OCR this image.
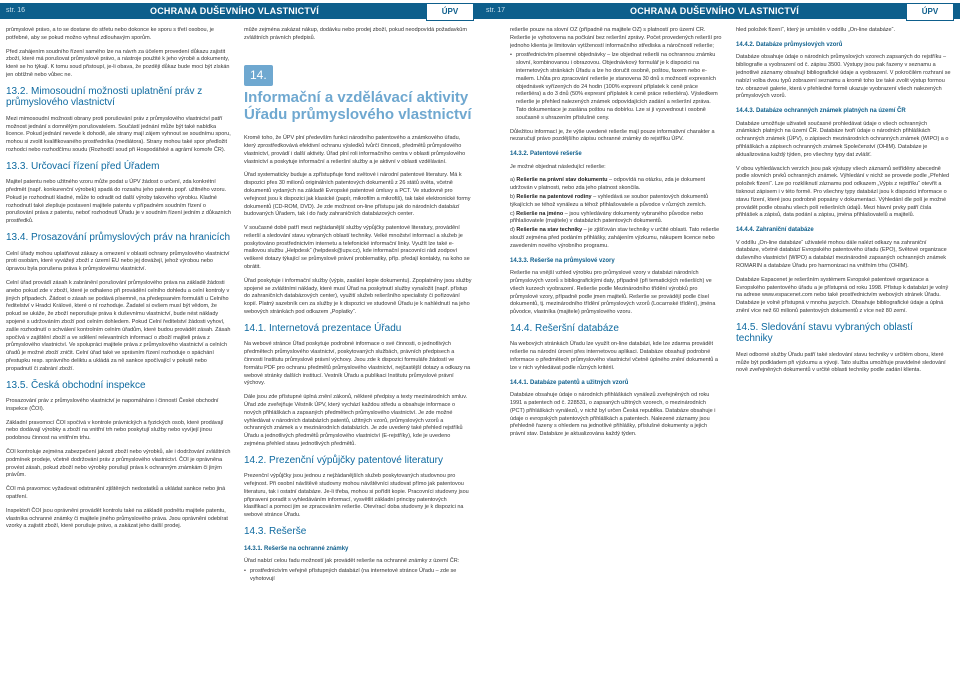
str. 16	OCHRANA DUŠEVNÍHO VLASTNICTVÍ	ÚPV

průmyslové právo, a to se dostane do střetu nebo dokonce ke sporu s třetí osobou, je potřebné, aby se pokud možno vyhnul zdlouhavým sporům.

Před zahájením soudního řízení samého lze na návrh za účelem provedení důkazu zajistit zboží, které má porušovat průmyslové právo, a nástroje použité k jeho výrobě a dokumenty, které se ho týkají. K tomu soud přistoupí, je-li obava, že později důkaz bude moci být získán jen obtížně nebo vůbec ne.

13.2. Mimosoudní možnosti uplatnění práv z průmyslového vlastnictví

Mezi mimosoudní možnosti obrany proti porušování práv z průmyslového vlastnictví patří možnost jednání s domnělým porušovatelem. Součástí jednání může být také nabídka licence. Pokud jednání nevede k dohodě, ale strany mají zájem vyhnout se soudnímu sporu, mohou si zvolit kvalifikovaného prostředníka (mediátora). Strany mohou také spor předložit rozhodci nebo rozhodčímu soudu (Rozhodčí soud při Hospodářské a agrární komoře ČR).

13.3. Určovací řízení před Úřadem

Majitel patentu nebo užitného vzoru může podat u ÚPV žádost o určení, zda konkrétní předmět (např. konkurenční výrobek) spadá do rozsahu jeho patentu popř. užitného vzoru. Pokud je rozhodnutí kladné, může to odradit od další výroby takového výrobku. Kladné rozhodnutí také zlepšuje postavení majitele patentu v případném soudním řízení o porušování práva z patentu, neboť rozhodnutí Úřadu je v soudním řízení jedním z důkazních prostředků.

13.4. Prosazování průmyslových práv na hranicích

Celní úřady mohou uplatňovat zákazy a omezení v oblasti ochrany průmyslového vlastnictví proti osobám, které vyvážejí zboží z území EU nebo jej dovážejí, jehož výrobou nebo úpravou byla porušena práva k průmyslovému vlastnictví.

Celní úřad provádí zásah k zabránění porušování průmyslového práva na základě žádosti anebo pokud zde v zboží, které je odhaleno při provádění celního dohledu a celní kontroly v jiných případech. Žádost o zásah se podává písemně, na předepsaném formuláři u Celního ředitelství v Hradci Králové, které o ní rozhoduje. Žadatel si ovšem musí být vědom, že pokud se ukáže, že zboží neporušuje práva k duševnímu vlastnictví, bude nést náklady spojené s udržováním zboží pod celním dohledem. Pokud Celní ředitelství žádosti vyhoví, zašle rozhodnutí o schválení kontrolním celním úřadům, které budou provádět zásah. Zásah spočívá v zajištění zboží a ve sdělení relevantních informací o zboží majiteli práva z průmyslového vlastnictví. Ve spolupráci majitele práva z průmyslového vlastnictví a celních úřadů je možné zboží zničit. Celní úřad také ve správním řízení rozhoduje o spáchání přestupku resp. správního deliktu a ukládá za ně sankce spočívající v pokutě nebo propadnutí či zabrání zboží.

13.5. Česká obchodní inspekce

Prosazování práv z průmyslového vlastnictví je napomáháno i činností České obchodní inspekce (ČOI).

Základní pravomocí ČOI spočívá v kontrole právnických a fyzických osob, které prodávají nebo dodávají výrobky a zboží na vnitřní trh nebo poskytují služby nebo vyvíjejí jinou podobnou činnost na vnitřním trhu.

ČOI kontroluje zejména zabezpečení jakosti zboží nebo výrobků, ale i dodržování zvláštních podmínek prodeje, včetně dodržování práv z průmyslového vlastnictví. ČOI je oprávněna provést zásah, pokud zboží nebo výrobky porušují práva k ochranným známkám či jiným právům.

ČOI má pravomoc vyžadovat odstranění zjištěných nedostatků a ukládat sankce nebo jiná opatření.

Inspektoři ČOI jsou oprávněni provádět kontrolu také na základě podnětu majitele patentu, vlastníka ochranné známky či majitele jiného průmyslového práva. Jsou oprávněni odebírat vzorky a zajistit zboží, které porušuje právo, a zakázat jeho další prodej.

může zejména zakázat nákup, dodávku nebo prodej zboží, pokud neodpovídá požadavkům zvláštních právních předpisů.

14.
Informační a vzdělávací aktivity Úřadu průmyslového vlastnictví

Kromě toho, že ÚPV plní především funkci národního patentového a známkového úřadu, který zprostředkovává efektivní ochranu výsledků tvůrčí činnosti, předmětů průmyslového vlastnictví, provádí i další aktivity. Úřad plní roli informačního centra v oblasti průmyslového vlastnictví a poskytuje informační a rešeršní služby a je aktivní v oblasti vzdělávání.

Úřad systematicky buduje a zpřístupňuje fond světové i národní patentové literatury. Má k dispozici přes 30 milionů originálních patentových dokumentů z 26 států světa, včetně dokumentů vydaných na základě Evropské patentové úmluvy a PCT. Ve studovně pro veřejnost jsou k dispozici jak klasické (papír, mikrofilm a mikrofiš), tak také elektronické formy dokumentů (CD-ROM, DVD). Je zde možnost on-line přístupu jak do národních databází budovaných Úřadem, tak i do řady zahraničních databázových center.

V současné době patří mezi nejžádanější služby výpůjčky patentové literatury, provádění rešerší a sledování stavu vybraných oblastí techniky. Velké množství informací a služeb je poskytováno prostřednictvím internetu a telefonické informační linky. Využít lze také e-mailovou službu „Helpdesk“ (helpdesk@upv.cz), kde informační pracovníci rádi zodpoví veškeré dotazy týkající se průmyslově právní problematiky, příp. předají kontakty, na koho se obrátit.

Úřad poskytuje i informační služby (výpis, zaslání kopie dokumentu). Zpoplatněny jsou služby spojené se zvláštními náklady, které musí Úřad na poskytnutí služby vynaložit (např. přístup do zahraničních databázových center), využití služeb rešeršního specialisty či pořizování kopií. Platný sazebník cen za služby je k dispozici ve studovně Úřadu je k nahlédnutí na jeho webových stránkách pod odkazem „Poplatky“.

14.1. Internetová prezentace Úřadu

Na webové stránce Úřad poskytuje podrobné informace o své činnosti, o jednotlivých předmětech průmyslového vlastnictví, poskytovaných službách, právních předpisech a činnosti Institutu průmyslově právní výchovy. Jsou zde k dispozici formuláře žádostí ve formátu PDF pro ochranu předmětů průmyslového vlastnictví, nejčastější dotazy a odkazy na webové stránky dalších institucí. Vestník Úřadu a publikaci Institutu průmyslové právní výchovy.

Dále jsou zde přístupné úplná znění zákonů, některé předpisy a texty mezinárodních smluv. Úřad zde zveřejňuje Věstník ÚPV, který vychází každou středu a obsahuje informace o nových přihláškách a zapsaných předmětech průmyslového vlastnictví. Je zde možné vyhledávat v národních databázích patentů, užitných vzorů, průmyslových vzorů a ochranných známek a v mezinárodních databázích. Je zde uvedený také přehled rejstříků Úřadu a jednotlivých předmětů průmyslového vlastnictví (E-rejstříky), kde je uvedeno zejména přehled stavu jednotlivých předmětů.

14.2. Prezenční výpůjčky patentové literatury

Prezenční výpůjčky jsou jednou z nejžádanějších služeb poskytovaných studovnou pro veřejnost. Při osobní návštěvě studovny mohou návštěvníci studovat přímo jak patentovou literaturu, tak i ostatní databáze. Je-li třeba, mohou si pořídit kopie. Pracovníci studovny jsou připraveni poradit s vyhledáváním informací, vysvětlit základní principy patentových klasifikací a pomoci jim se zpracováním rešerše. Otevírací doba studovny je k dispozici na webové stránce Úřadu.

14.3. Rešerše
14.3.1. Rešerše na ochranné známky

Úřad nabízí celou řadu možností jak provádět rešerše na ochranné známky z území ČR:

• prostřednictvím veřejně přístupných databází (na internetové stránce Úřadu – zde se vyhotovují
str. 17	OCHRANA DUŠEVNÍHO VLASTNICTVÍ	ÚPV

rešerše pouze na slovní OZ (případně na majitele OZ) s platností pro území ČR. Rešerše je vyhotovena na počkání bez rešeršní zprávy. Počet provedených rešerší pro jednoho klienta je limitován vytížeností informačního střediska a náročností rešerše;

• prostřednictvím písemné objednávky – lze objednat rešerši na ochrannou známku slovní, kombinovanou i obrazovou. Objednávkový formulář je k dispozici na internetových stránkách Úřadu a lze ho doručit osobně, poštou, faxem nebo e-mailem. Lhůta pro zpracování rešerše je stanovena 30 dnů s možností expresních objednávek vyřízených do 24 hodin (100% expresní příplatek k ceně práce rešeršéra) a do 3 dnů (50% expresní příplatek k ceně práce rešeršéra). Výsledkem rešerše je přehled nalezených známek odpovídajících zadání a rešeršní zpráva. Tato dokumentace je zaslána poštou na dobírku. Lze si ji vyzvednout i osobně současně s uhrazením příslušné ceny.

Důležitou informací je, že výše uvedené rešerše mají pouze informativní charakter a nezaručují právo pozdějšího zápisu ochranné známky do rejstříku ÚPV.

14.3.2. Patentové rešerše

Je možné objednat následující rešerše:

a) Rešerše na právní stav dokumentu – odpovídá na otázku, zda je dokument udržován v platnosti, nebo zda jeho platnost skončila.
b) Rešerše na patentové rodiny – vyhledává se soubor patentových dokumentů týkajících se téhož vynálezu a téhož přihlašovatele a původce v různých zemích.
c) Rešerše na jméno – jsou vyhledávány dokumenty vybraného původce nebo přihlašovatele (majitele) v databázích patentových dokumentů.
d) Rešerše na stav techniky – je zjišťován stav techniky v určité oblasti. Tato rešerše slouží zejména před podáním přihlášky, zahájením výzkumu, nákupem licence nebo zavedením nového výrobního programu.
14.3.3. Rešerše na průmyslové vzory

Rešerše na vnější vzhled výrobku pro průmyslové vzory v databázi národních průmyslových vzorů s bibliografickými daty, případně (při tematických rešerších) ve všech kurzech vyobrazení. Rešerše podle Mezinárodního třídění výrobků pro průmyslové vzory, případně podle jmen majitelů. Rešerše se provádějí podle čísel dokumentů, tj. mezinárodního třídění průmyslových vzorů (Locarnské třídění), jména původce, vlastníka (majitele) průmyslového vzoru.

14.4. Rešeršní databáze

Na webových stránkách Úřadu lze využít on-line databázi, kde lze zdarma provádět rešerše na národní úrovni přes internetovou aplikaci. Databáze obsahují podrobné informace o předmětech průmyslového vlastnictví včetně úplného znění dokumentů a lze v nich vyhledávat podle různých kritérií.

14.4.1. Databáze patentů a užitných vzorů

Databáze obsahuje údaje o národních přihláškách vynálezů zveřejněných od roku 1991 a patentech od č. 228531, o zapsaných užitných vzorech, o mezinárodních (PCT) přihláškách vynálezů, v nichž byl určen Česká republika. Databáze obsahuje i údaje o evropských patentových přihláškách a patentech. Nalezené záznamy jsou přehledně řazeny s ohledem na jednotlivé přihlášky, příslušné dokumenty a jejich právní stav. Databáze je aktualizována každý týden.

hled položek fízení“, který je umístěn v oddílu „On-line databáze“.

14.4.2. Databáze průmyslových vzorů

Databáze obsahuje údaje o národních průmyslových vzorech zapsaných do rejstříku – bibliografie a vyobrazení od č. zápisu 3500. Výstupy jsou pak řazeny v seznamu a jednotlivé záznamy obsahují bibliografické údaje a vyobrazení. V pokročilém rozhraní se nabízí volba dvou typů zobrazení seznamu a kromě toho lze také zvolit výstup formou tzv. obrazové galerie, která v přehledné formě ukazuje vyobrazení všech nalezených průmyslových vzorů.

14.4.3. Databáze ochranných známek platných na území ČR

Databáze umožňuje uživateli současné prohledávat údaje o všech ochranných známkách platných na území ČR. Databáze tvoří údaje o národních přihláškách ochranných známek (ÚPV), o zápisech mezinárodních ochranných známek (WIPO) a o přihláškách a zápisech ochranných známek Společenství (OHIM). Databáze je aktualizována každý týden, pro všechny typy dat zvlášť.

V obou vyhledávacích verzích jsou pak výstupy všech záznamů setříděny abecedně podle slovních prvků ochranných známek. Výhledání v nichž se provede podle „Přehled položek fízení“. Lze po rozkliknutí záznamu pod odkazem „Výpis z rejstříku“ otevřít a tisknout zápisem i v této formě. Pro všechny typy databází jsou k dispozici informace o stavu řízení, které jsou podrobně popsány v dokumentaci. Výhledání dle polí je možné provádět podle obsahu všech polí rešeršních údajů. Mezi hlavní prvky patří čísla přihlášek a zápisů, data podání a zápisu, jména přihlašovatelů a majitelů.

14.4.4. Zahraniční databáze

V oddílu „On-line databáze“ uživatelé mohou dále nalézt odkazy na zahraniční databáze, včetně databází Evropského patentového úřadu (EPO), Světové organizace duševního vlastnictví (WIPO) a databází mezinárodně zapsaných ochranných známek ROMARIN a databáze Úřadu pro harmonizaci na vnitřním trhu (OHIM).

Databáze Espacenet je rešeršním systémem Evropské patentové organizace a Evropského patentového úřadu a je přístupná od roku 1998. Přístup k databázi je volný na adrese www.espacenet.com nebo také prostřednictvím webových stránek Úřadu. Databáze je volně přístupná v mnoha jazycích. Obsahuje bibliografické údaje a úplná znění více než 60 milionů patentových dokumentů z více než 80 zemí.

14.5. Sledování stavu vybraných oblastí techniky

Mezi odborné služby Úřadu patří také sledování stavu techniky v určitém oboru, které může být podkladem při výzkumu a vývoji. Tato služba umožňuje pravidelné sledování nově zveřejněných dokumentů v určité oblasti techniky podle zadání klienta.
